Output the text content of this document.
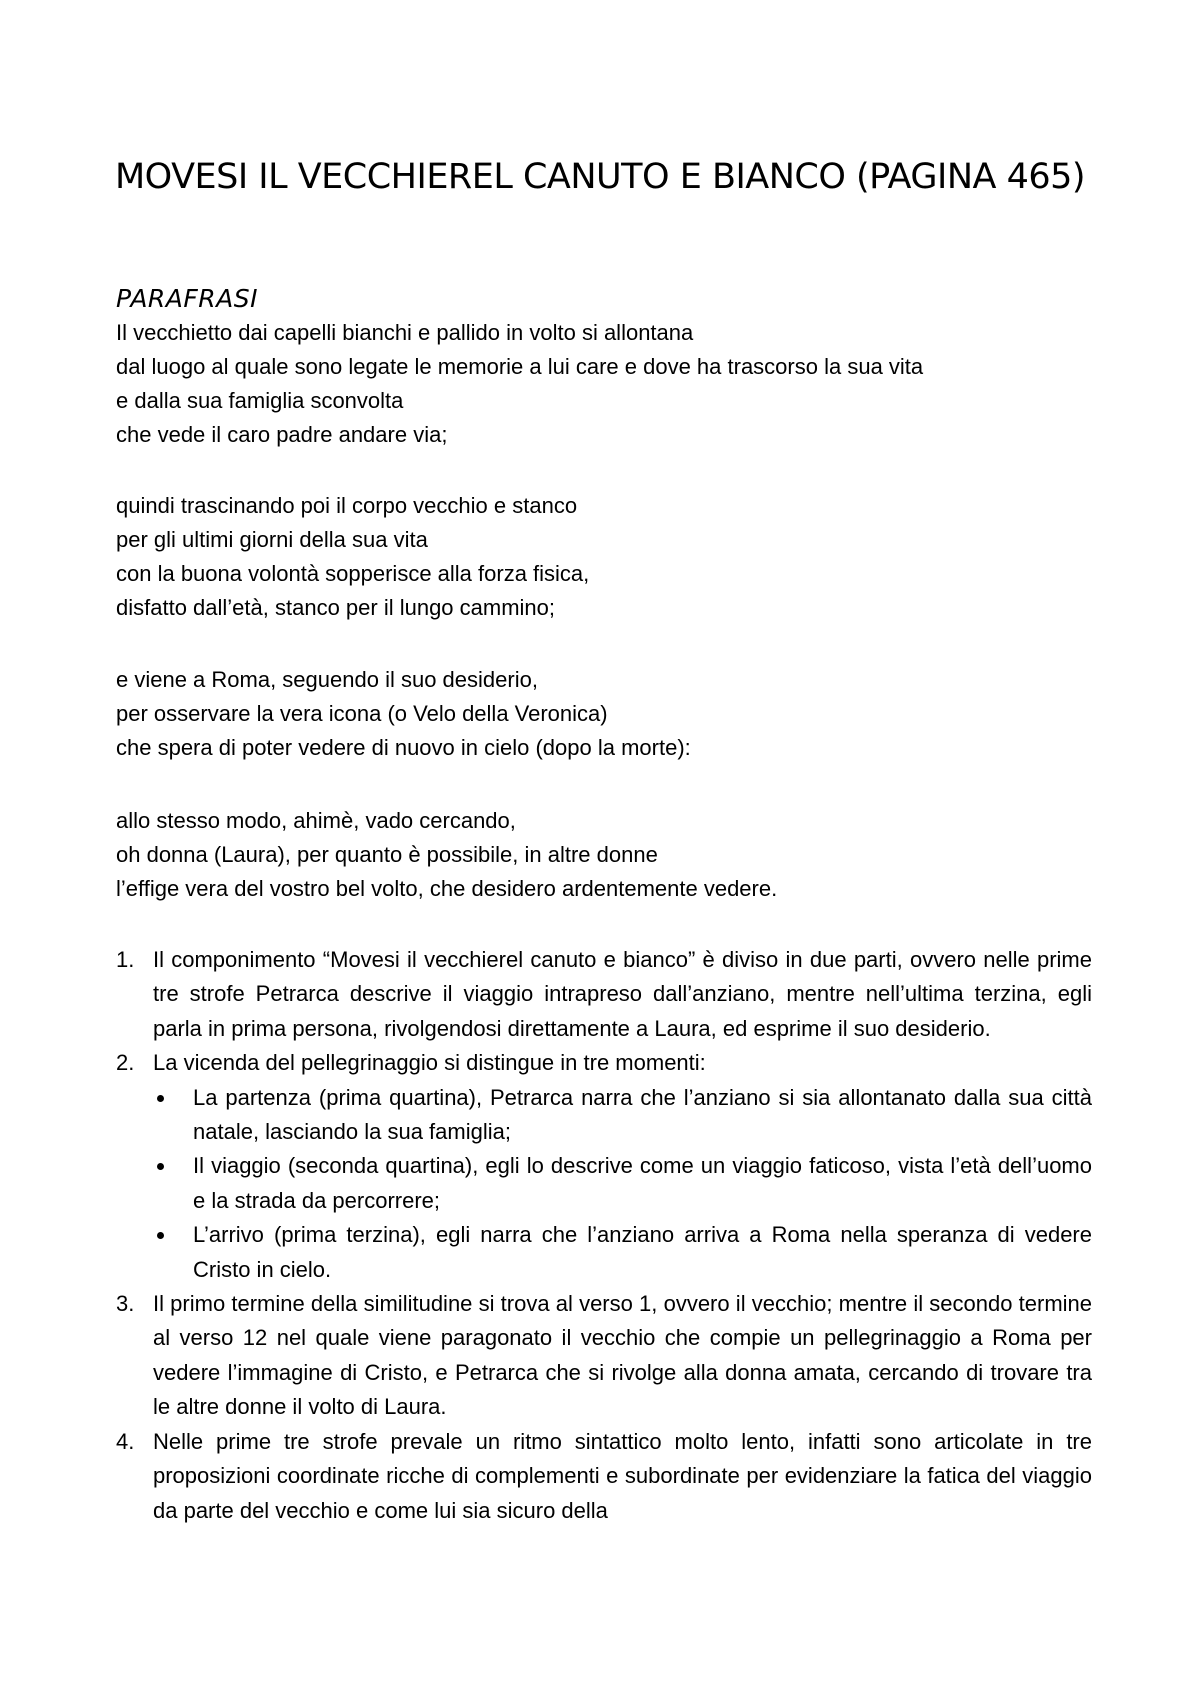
MOVESI IL VECCHIEREL CANUTO E BIANCO (PAGINA 465)
PARAFRASI
Il vecchietto dai capelli bianchi e pallido in volto si allontana
dal luogo al quale sono legate le memorie a lui care e dove ha trascorso la sua vita
e dalla sua famiglia sconvolta
che vede il caro padre andare via;
quindi trascinando poi il corpo vecchio e stanco
per gli ultimi giorni della sua vita
con la buona volontà sopperisce alla forza fisica,
disfatto dall’età, stanco per il lungo cammino;
e viene a Roma, seguendo il suo desiderio,
per osservare la vera icona (o Velo della Veronica)
che spera di poter vedere di nuovo in cielo (dopo la morte):
allo stesso modo, ahimè, vado cercando,
oh donna (Laura), per quanto è possibile, in altre donne
l’effige vera del vostro bel volto, che desidero ardentemente vedere.
1. Il componimento “Movesi il vecchierel canuto e bianco” è diviso in due parti, ovvero nelle prime tre strofe Petrarca descrive il viaggio intrapreso dall’anziano, mentre nell’ultima terzina, egli parla in prima persona, rivolgendosi direttamente a Laura, ed esprime il suo desiderio.
2. La vicenda del pellegrinaggio si distingue in tre momenti:
La partenza (prima quartina), Petrarca narra che l’anziano si sia allontanato dalla sua città natale, lasciando la sua famiglia;
Il viaggio (seconda quartina), egli lo descrive come un viaggio faticoso, vista l’età dell’uomo e la strada da percorrere;
L’arrivo (prima terzina), egli narra che l’anziano arriva a Roma nella speranza di vedere Cristo in cielo.
3. Il primo termine della similitudine si trova al verso 1, ovvero il vecchio; mentre il secondo termine al verso 12 nel quale viene paragonato il vecchio che compie un pellegrinaggio a Roma per vedere l’immagine di Cristo, e Petrarca che si rivolge alla donna amata, cercando di trovare tra le altre donne il volto di Laura.
4. Nelle prime tre strofe prevale un ritmo sintattico molto lento, infatti sono articolate in tre proposizioni coordinate ricche di complementi e subordinate per evidenziare la fatica del viaggio da parte del vecchio e come lui sia sicuro della
